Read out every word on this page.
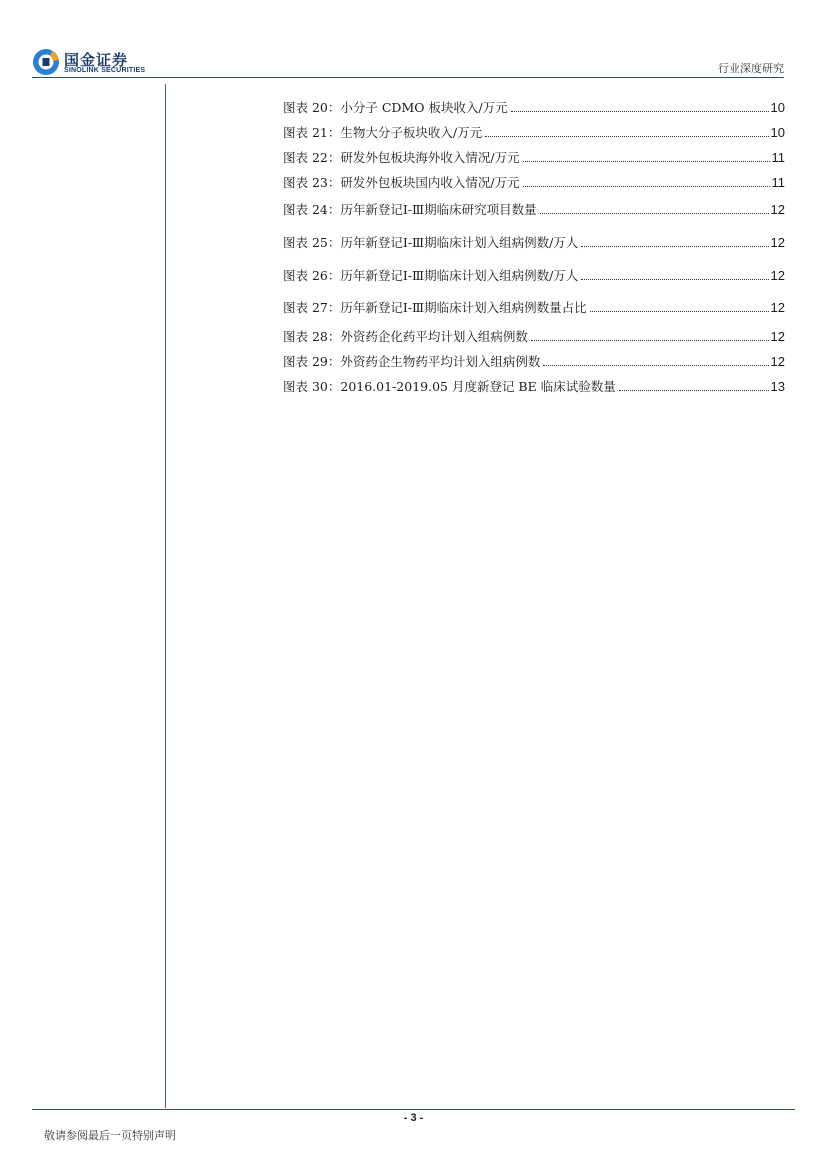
国金证券
SINOLINK SECURITIES	行业深度研究
图表 20：小分子 CDMO 板块收入/万元	10
图表 21：生物大分子板块收入/万元	10
图表 22：研发外包板块海外收入情况/万元	11
图表 23：研发外包板块国内收入情况/万元	11
图表 24：历年新登记Ⅰ-Ⅲ期临床研究项目数量	12
图表 25：历年新登记Ⅰ-Ⅲ期临床计划入组病例数/万人	12
图表 26：历年新登记Ⅰ-Ⅲ期临床计划入组病例数/万人	12
图表 27：历年新登记Ⅰ-Ⅲ期临床计划入组病例数量占比	12
图表 28：外资药企化药平均计划入组病例数	12
图表 29：外资药企生物药平均计划入组病例数	12
图表 30：2016.01-2019.05 月度新登记 BE 临床试验数量	13
- 3 -
敬请参阅最后一页特别声明
